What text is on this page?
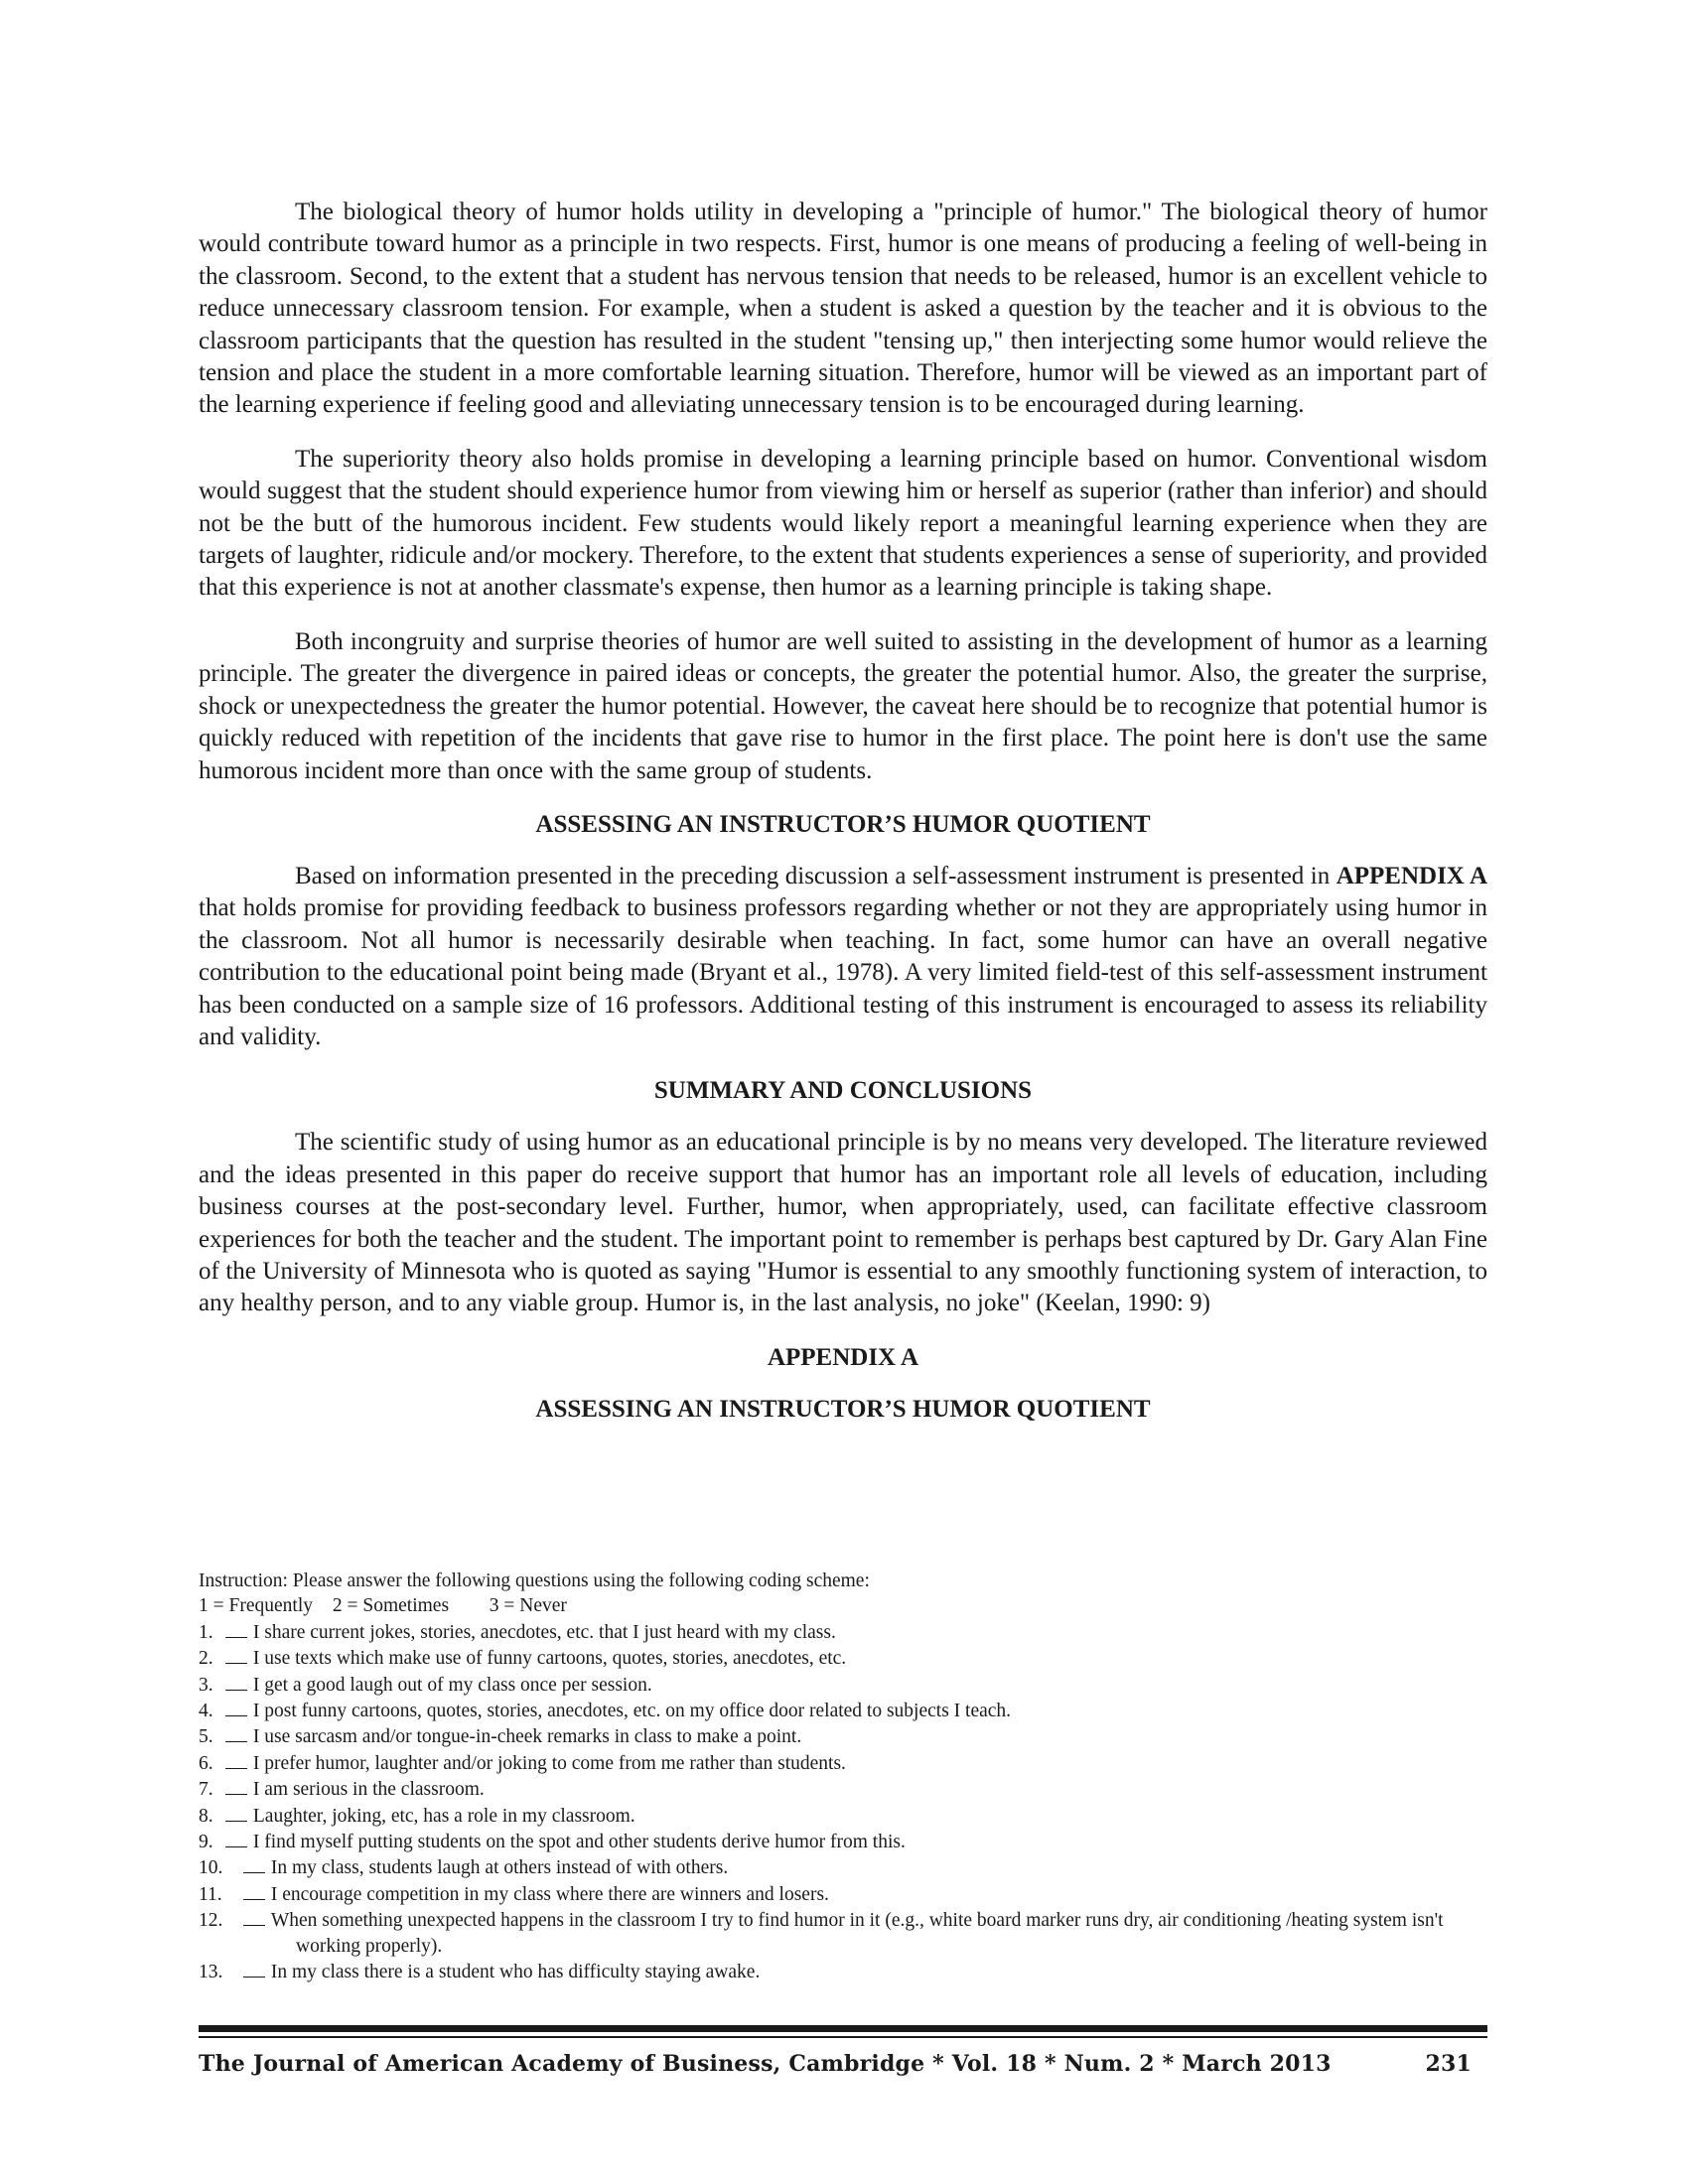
The biological theory of humor holds utility in developing a "principle of humor." The biological theory of humor would contribute toward humor as a principle in two respects. First, humor is one means of producing a feeling of well-being in the classroom. Second, to the extent that a student has nervous tension that needs to be released, humor is an excellent vehicle to reduce unnecessary classroom tension. For example, when a student is asked a question by the teacher and it is obvious to the classroom participants that the question has resulted in the student "tensing up," then interjecting some humor would relieve the tension and place the student in a more comfortable learning situation. Therefore, humor will be viewed as an important part of the learning experience if feeling good and alleviating unnecessary tension is to be encouraged during learning.

The superiority theory also holds promise in developing a learning principle based on humor. Conventional wisdom would suggest that the student should experience humor from viewing him or herself as superior (rather than inferior) and should not be the butt of the humorous incident. Few students would likely report a meaningful learning experience when they are targets of laughter, ridicule and/or mockery. Therefore, to the extent that students experiences a sense of superiority, and provided that this experience is not at another classmate's expense, then humor as a learning principle is taking shape.

Both incongruity and surprise theories of humor are well suited to assisting in the development of humor as a learning principle. The greater the divergence in paired ideas or concepts, the greater the potential humor. Also, the greater the surprise, shock or unexpectedness the greater the humor potential. However, the caveat here should be to recognize that potential humor is quickly reduced with repetition of the incidents that gave rise to humor in the first place. The point here is don't use the same humorous incident more than once with the same group of students.

ASSESSING AN INSTRUCTOR’S HUMOR QUOTIENT

Based on information presented in the preceding discussion a self-assessment instrument is presented in APPENDIX A that holds promise for providing feedback to business professors regarding whether or not they are appropriately using humor in the classroom. Not all humor is necessarily desirable when teaching. In fact, some humor can have an overall negative contribution to the educational point being made (Bryant et al., 1978). A very limited field-test of this self-assessment instrument has been conducted on a sample size of 16 professors. Additional testing of this instrument is encouraged to assess its reliability and validity.

SUMMARY AND CONCLUSIONS

The scientific study of using humor as an educational principle is by no means very developed. The literature reviewed and the ideas presented in this paper do receive support that humor has an important role all levels of education, including business courses at the post-secondary level. Further, humor, when appropriately, used, can facilitate effective classroom experiences for both the teacher and the student. The important point to remember is perhaps best captured by Dr. Gary Alan Fine of the University of Minnesota who is quoted as saying "Humor is essential to any smoothly functioning system of interaction, to any healthy person, and to any viable group. Humor is, in the last analysis, no joke" (Keelan, 1990: 9)

APPENDIX A
ASSESSING AN INSTRUCTOR’S HUMOR QUOTIENT
Instruction: Please answer the following questions using the following coding scheme:
1 = Frequently 2 = Sometimes 3 = Never
1. I share current jokes, stories, anecdotes, etc. that I just heard with my class.
2. I use texts which make use of funny cartoons, quotes, stories, anecdotes, etc.
3. I get a good laugh out of my class once per session.
4. I post funny cartoons, quotes, stories, anecdotes, etc. on my office door related to subjects I teach.
5. I use sarcasm and/or tongue-in-cheek remarks in class to make a point.
6. I prefer humor, laughter and/or joking to come from me rather than students.
7. I am serious in the classroom.
8. Laughter, joking, etc, has a role in my classroom.
9. I find myself putting students on the spot and other students derive humor from this.
10. In my class, students laugh at others instead of with others.
11.	I encourage competition in my class where there are winners and losers.
12. When something unexpected happens in the classroom I try to find humor in it (e.g., white board marker runs dry, air conditioning /heating system isn't working properly).
13. In my class there is a student who has difficulty staying awake.
The Journal of American Academy of Business, Cambridge * Vol. 18 * Num. 2 * March 2013	231
